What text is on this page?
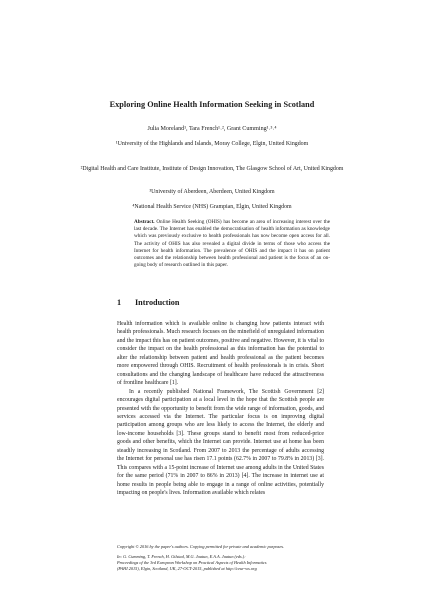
Exploring Online Health Information Seeking in Scotland
Julia Moreland¹, Tara French¹˒², Grant Cumming¹˒³˒⁴
¹University of the Highlands and Islands, Moray College, Elgin, United Kingdom
²Digital Health and Care Institute, Institute of Design Innovation, The Glasgow School of Art, United Kingdom
³University of Aberdeen, Aberdeen, United Kingdom
⁴National Health Service (NHS) Grampian, Elgin, United Kingdom
Abstract. Online Health Seeking (OHIS) has become an area of increasing interest over the last decade. The Internet has enabled the democratisation of health information as knowledge which was previously exclusive to health professionals has now become open access for all. The activity of OHIS has also revealed a digital divide in terms of those who access the Internet for health information. The prevalence of OHIS and the impact it has on patient outcomes and the relationship between health professional and patient is the focus of an on-going body of research outlined in this paper.
1 Introduction

Health information which is available online is changing how patients interact with health professionals. Much research focuses on the minefield of unregulated information and the impact this has on patient outcomes, positive and negative. However, it is vital to consider the impact on the health professional as this information has the potential to alter the relationship between patient and health professional as the patient becomes more empowered through OHIS. Recruitment of health professionals is in crisis. Short consultations and the changing landscape of healthcare have reduced the attractiveness of frontline healthcare [1].

In a recently published National Framework, The Scottish Government [2] encourages digital participation at a local level in the hope that the Scottish people are presented with the opportunity to benefit from the wide range of information, goods, and services accessed via the Internet. The particular focus is on improving digital participation among groups who are less likely to access the Internet, the elderly and low-income households [3]. These groups stand to benefit most from reduced-price goods and other benefits, which the Internet can provide. Internet use at home has been steadily increasing in Scotland. From 2007 to 2013 the percentage of adults accessing the Internet for personal use has risen 17.1 points (62.7% in 2007 to 79.8% in 2013) [3]. This compares with a 15-point increase of Internet use among adults in the United States for the same period (71% in 2007 to 86% in 2013) [4]. The increase in internet use at home results in people being able to engage in a range of online activities, potentially impacting on people's lives. Information available which relates

Copyright © 2016 by the paper's authors. Copying permitted for private and academic purposes.

In: G. Cumming, T. French, H. Gilstad, M.G. Jaatun, E.A.A. Jaatun (eds.):

Proceedings of the 3rd European Workshop on Practical Aspects of Health Informatics

(PAHI 2015), Elgin, Scotland, UK, 27-OCT-2015, published at http://ceur-ws.org
